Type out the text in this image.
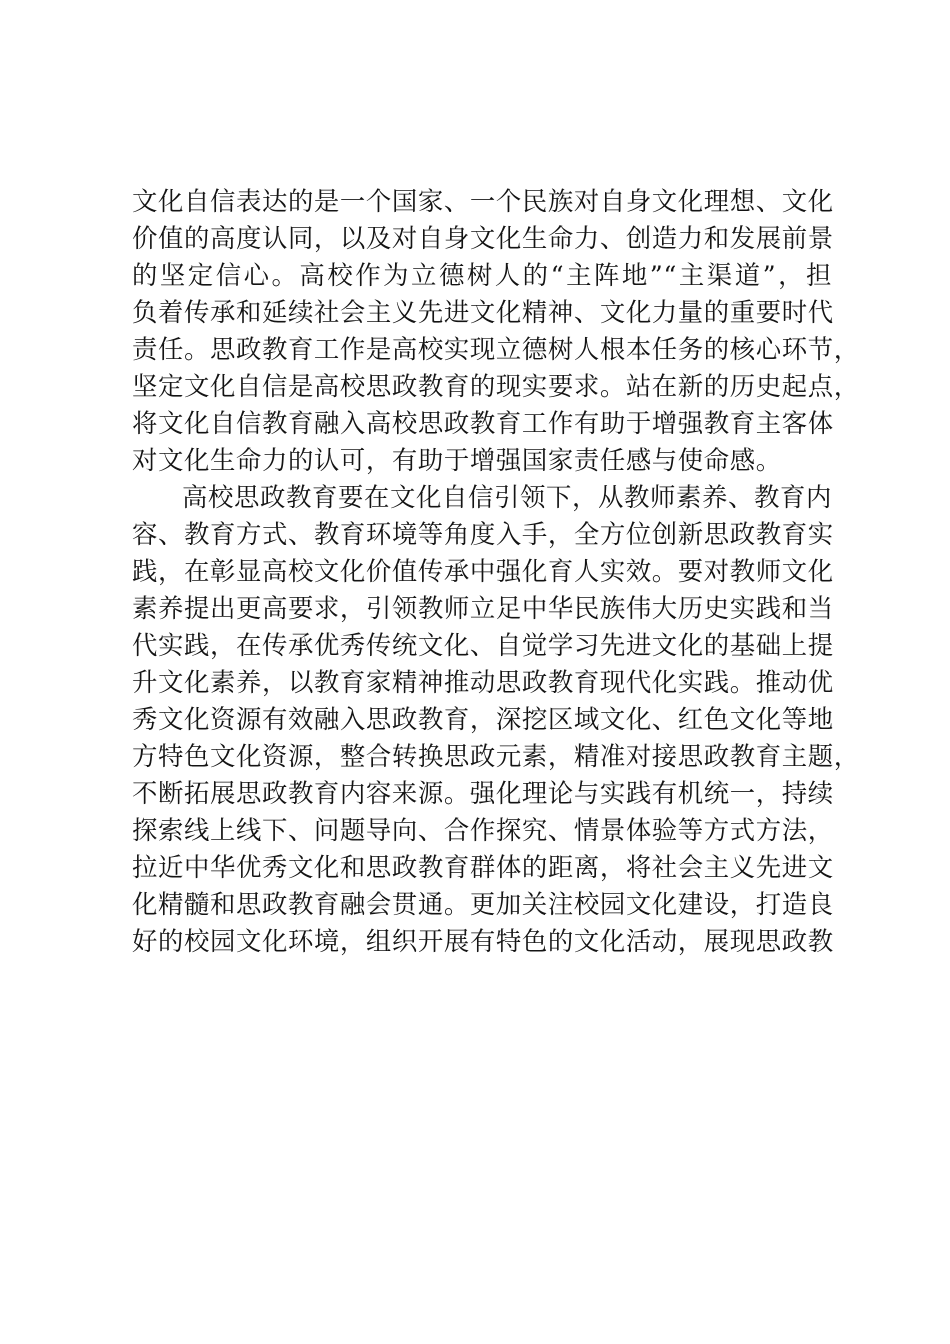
文化自信表达的是一个国家、一个民族对自身文化理想、文化
价值的高度认同，以及对自身文化生命力、创造力和发展前景
的坚定信心。高校作为立德树人的“主阵地”“主渠道”，担
负着传承和延续社会主义先进文化精神、文化力量的重要时代
责任。思政教育工作是高校实现立德树人根本任务的核心环节，
坚定文化自信是高校思政教育的现实要求。站在新的历史起点，
将文化自信教育融入高校思政教育工作有助于增强教育主客体
对文化生命力的认可，有助于增强国家责任感与使命感。
高校思政教育要在文化自信引领下，从教师素养、教育内
容、教育方式、教育环境等角度入手，全方位创新思政教育实
践，在彰显高校文化价值传承中强化育人实效。要对教师文化
素养提出更高要求，引领教师立足中华民族伟大历史实践和当
代实践，在传承优秀传统文化、自觉学习先进文化的基础上提
升文化素养，以教育家精神推动思政教育现代化实践。推动优
秀文化资源有效融入思政教育，深挖区域文化、红色文化等地
方特色文化资源，整合转换思政元素，精准对接思政教育主题，
不断拓展思政教育内容来源。强化理论与实践有机统一，持续
探索线上线下、问题导向、合作探究、情景体验等方式方法，
拉近中华优秀文化和思政教育群体的距离，将社会主义先进文
化精髓和思政教育融会贯通。更加关注校园文化建设，打造良
好的校园文化环境，组织开展有特色的文化活动，展现思政教
